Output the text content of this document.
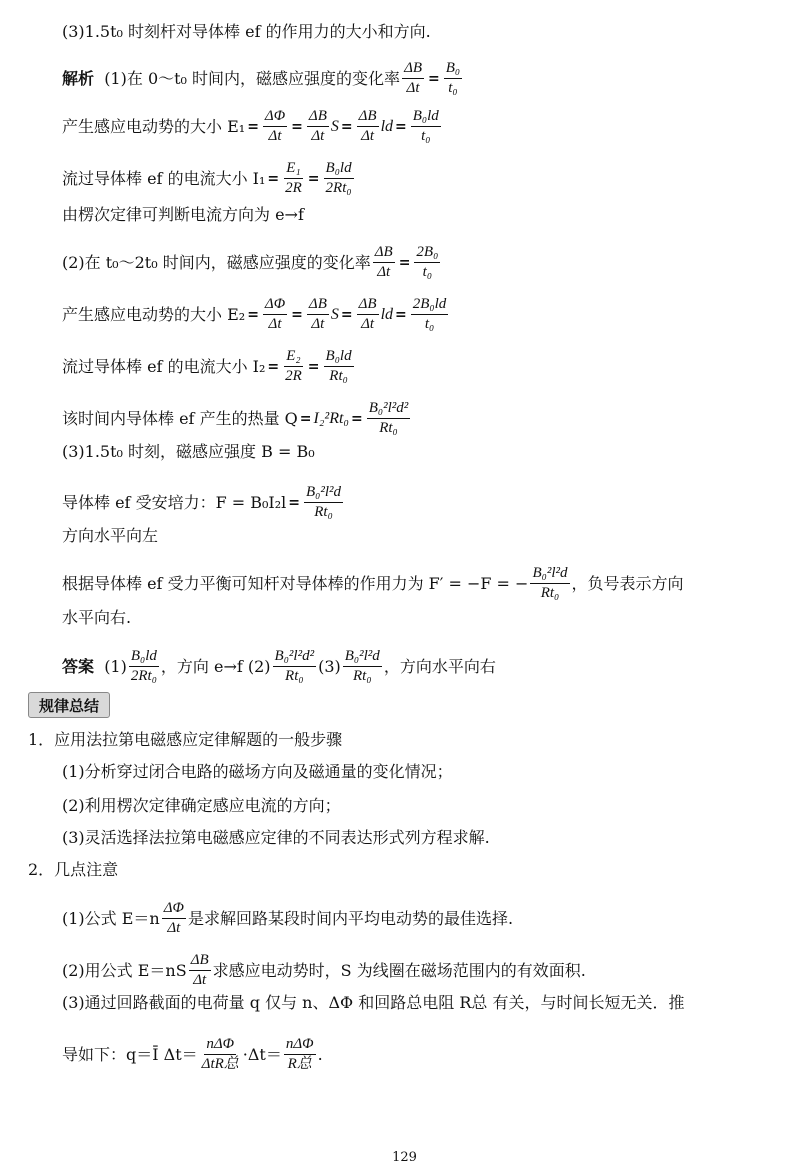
(3)1.5t₀ 时刻杆对导体棒 ef 的作用力的大小和方向.
解析
(1)在 0～t₀ 时间内，磁感应强度的变化率 $\frac{\Delta B}{\Delta t} = \frac{\text{B₀}}{\text{t₀}}$
产生感应电动势的大小 $E_1 = \frac{\Delta\Phi}{\Delta t} = \frac{\Delta B}{\Delta t}$ $S = \frac{\Delta B}{\Delta t}$ ld = $\frac{\text{B₀ld}}{\text{t₀}}$
流过导体棒 ef 的电流大小 $I_1 = \frac{\text{E₁}}{2R} = \frac{\text{B₀ld}}{\text{2Rt₀}}$
由楞次定律可判断电流方向为 e→f
(2)在 t₀～2t₀ 时间内，磁感应强度的变化率 $\frac{\Delta B}{\Delta t} = \frac{\text{2B₀}}{\text{t₀}}$
产生感应电动势的大小 $E_2 = \frac{\Delta\Phi}{\Delta t} = \frac{\Delta B}{\Delta t}$ $S = \frac{\Delta B}{\Delta t}$ ld = $\frac{\text{2B₀ld}}{\text{t₀}}$
流过导体棒 ef 的电流大小 $I_2 = \frac{\text{E₂}}{2R} = \frac{\text{B₀ld}}{\text{Rt₀}}$
该时间内导体棒 ef 产生的热量 $Q = I_2^2Rt_0 = \frac{\text{B₀²l²d²}}{\text{Rt₀}}$
(3)1.5t₀ 时刻，磁感应强度 B = B₀
导体棒 ef 受安培力：$F = B_0I_2l = \frac{\text{B₀²l²d}}{\text{Rt₀}}$
方向水平向左
根据导体棒 ef 受力平衡可知杆对导体棒的作用力为 F′ = −F = − $\frac{\text{B₀²l²d}}{\text{Rt₀}}$ ，负号表示方向
水平向右.
答案
$(1) \frac{\text{B₀ld}}{\text{2Rt₀}}$ ，方向 e→f $(2) \frac{\text{B₀²l²d²}}{\text{Rt₀}} (3) \frac{\text{B₀²l²d}}{\text{Rt₀}}$ ，方向水平向右
规律总结
1．应用法拉第电磁感应定律解题的一般步骤
(1)分析穿过闭合电路的磁场方向及磁通量的变化情况；
(2)利用楞次定律确定感应电流的方向；
(3)灵活选择法拉第电磁感应定律的不同表达形式列方程求解.
2．几点注意
(1)公式 $E=n \frac{\Delta\Phi}{\Delta t}$ 是求解回路某段时间内平均电动势的最佳选择.
(2)用公式 $E=nS \frac{\Delta B}{\Delta t}$ 求感应电动势时，S 为线圈在磁场范围内的有效面积.
(3)通过回路截面的电荷量 q 仅与 n、ΔΦ 和回路总电阻 R总 有关，与时间长短无关．推
导如下：q＝Ī $\Delta t= \frac{\text{nΔΦ}}{\text{ΔtR总}} \cdot\Delta t= \frac{\text{nΔΦ}}{\text{R总}}$ .
129
